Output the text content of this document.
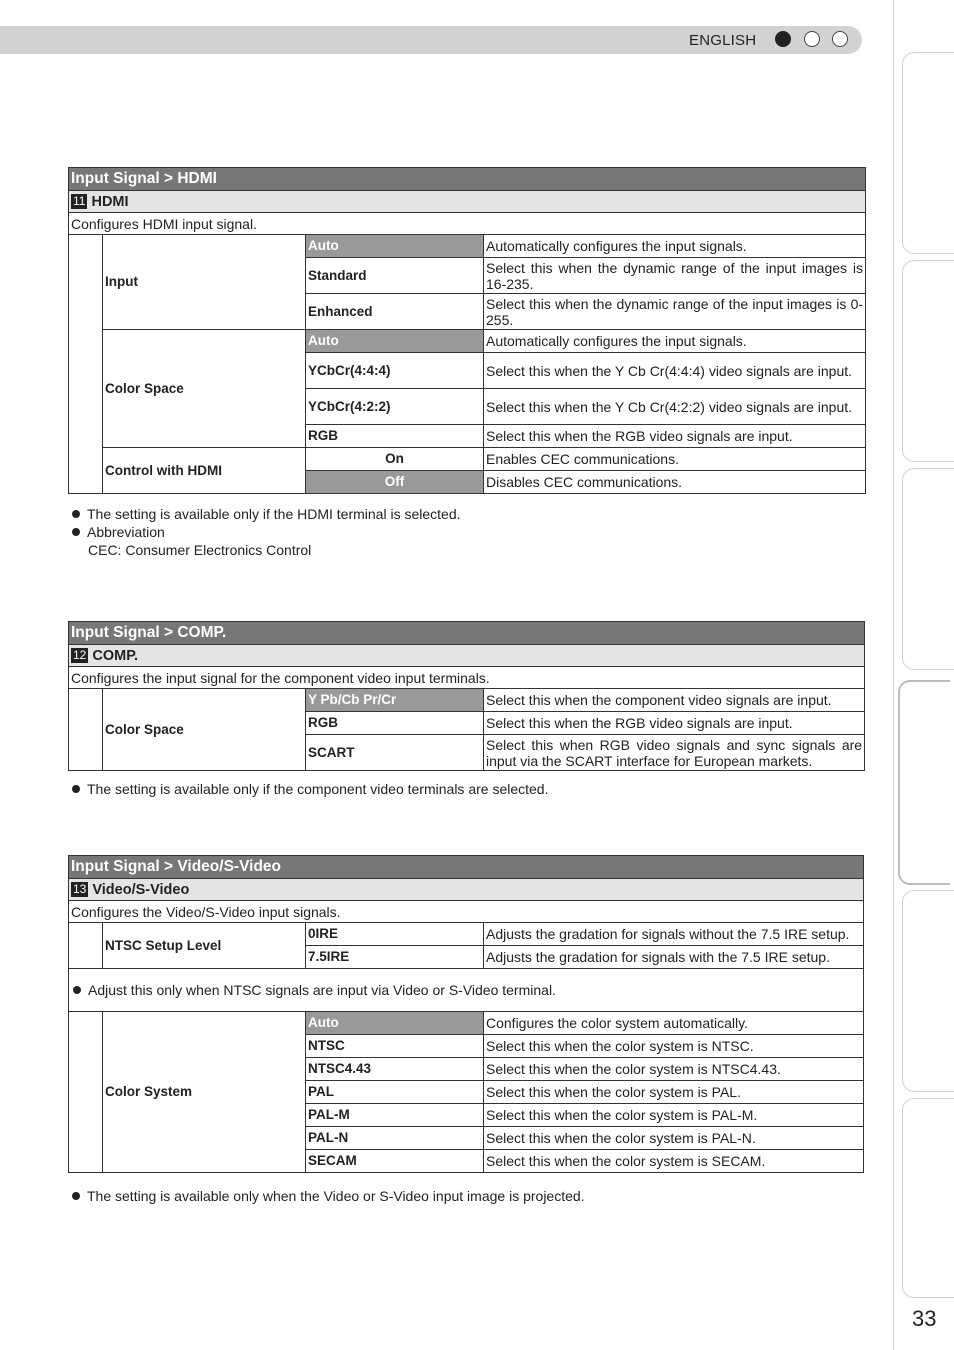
ENGLISH
33
Input Signal > HDMI			
11 HDMI			
Configures HDMI input signal.			
	Input	Auto	Automatically configures the input signals.
		Standard	Select this when the dynamic range of the input images is 16-235.
		Enhanced	Select this when the dynamic range of the input images is 0-255.
	Color Space	Auto	Automatically configures the input signals.
		YCbCr(4:4:4)	Select this when the Y Cb Cr(4:4:4) video signals are input.
		YCbCr(4:2:2)	Select this when the Y Cb Cr(4:2:2) video signals are input.
		RGB	Select this when the RGB video signals are input.
	Control with HDMI	On	Enables CEC communications.
		Off	Disables CEC communications.
The setting is available only if the HDMI terminal is selected.
Abbreviation
CEC: Consumer Electronics Control
Input Signal > COMP.			
12 COMP.			
Configures the input signal for the component video input terminals.			
	Color Space	Y Pb/Cb Pr/Cr	Select this when the component video signals are input.
		RGB	Select this when the RGB video signals are input.
		SCART	Select this when RGB video signals and sync signals are input via the SCART interface for European markets.
The setting is available only if the component video terminals are selected.
Input Signal > Video/S-Video			
13 Video/S-Video			
Configures the Video/S-Video input signals.			
	NTSC Setup Level	0IRE	Adjusts the gradation for signals without the 7.5 IRE setup.
		7.5IRE	Adjusts the gradation for signals with the 7.5 IRE setup.
Adjust this only when NTSC signals are input via Video or S-Video terminal.			
	Color System	Auto	Configures the color system automatically.
		NTSC	Select this when the color system is NTSC.
		NTSC4.43	Select this when the color system is NTSC4.43.
		PAL	Select this when the color system is PAL.
		PAL-M	Select this when the color system is PAL-M.
		PAL-N	Select this when the color system is PAL-N.
		SECAM	Select this when the color system is SECAM.
The setting is available only when the Video or S-Video input image is projected.
